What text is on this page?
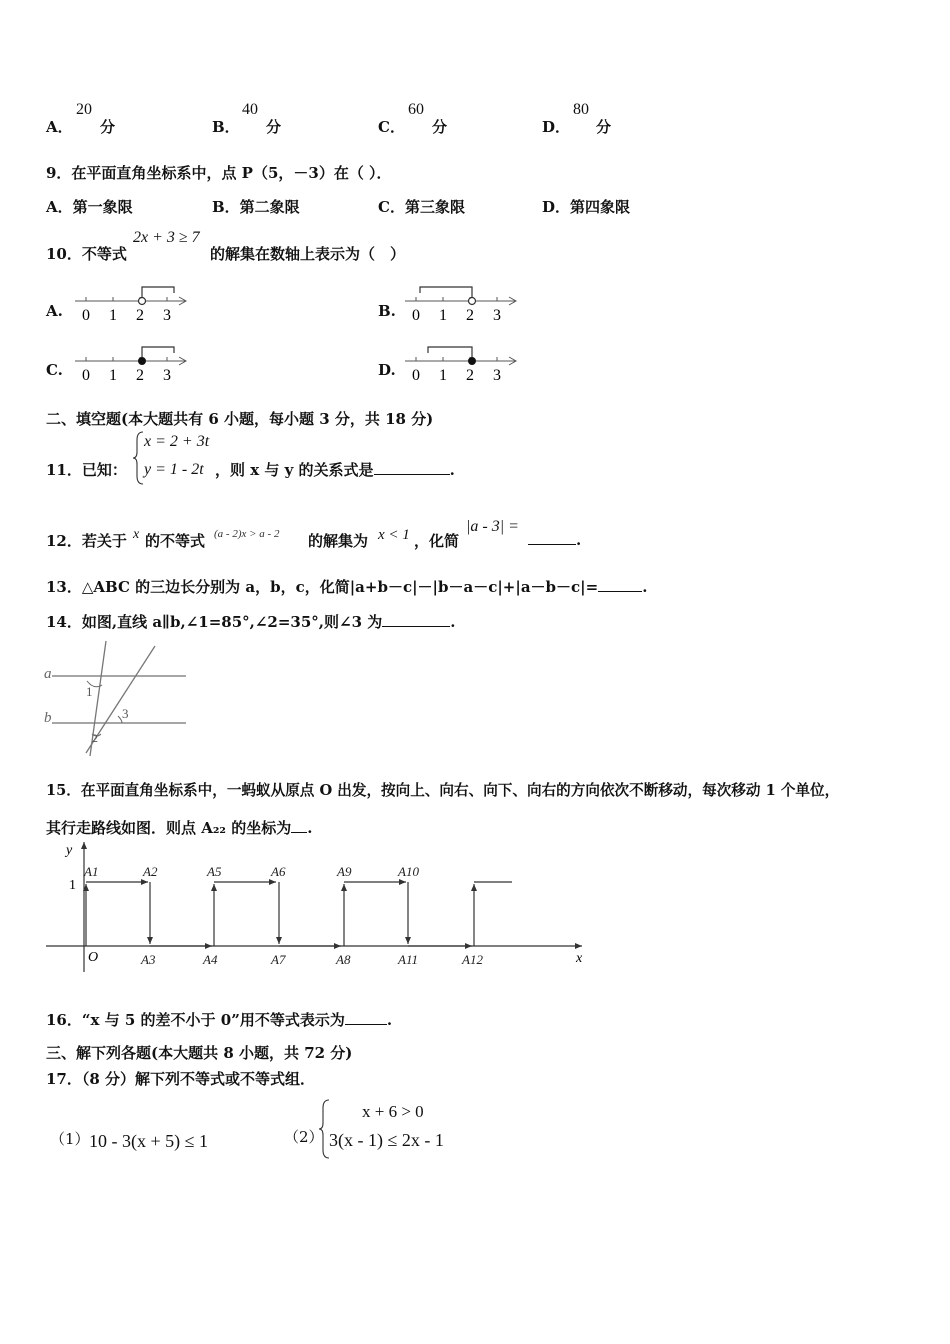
A．
20
分	B．
40
分	C．
60
分	D．
80
分
9．在平面直角坐标系中，点 P（5，－3）在（ ）．
A．第一象限	B．第二象限	C．第三象限	D．第四象限
10．不等式
2x + 3 ≥ 7
的解集在数轴上表示为（　）
A. 0 1 2 3	B. 0 1 2 3
C. 0 1 2 3	D. 0 1 2 3
二、填空题(本大题共有 6 小题，每小题 3 分，共 18 分)
11．已知：
x = 2 + 3t
y = 1 - 2t ，则 x 与 y 的关系式是	.
12．若关于 x 的不等式 (a - 2)x > a - 2 的解集为 x < 1 ，化简
|a - 3| =
.
13．△ABC 的三边长分别为 a，b，c，化简|a+b－c|－|b－a－c|+|a－b－c|=	.
14．如图,直线 a∥b,∠1=85°,∠2=35°,则∠3 为	.
a
b
1
3
2
15．在平面直角坐标系中，一蚂蚁从原点 O 出发，按向上、向右、向下、向右的方向依次不断移动，每次移动 1 个单位，
其行走路线如图．则点 A₂₂ 的坐标为 .
y
x
1
O
A1	A2	A5	A6	A9	A10
A3	A4	A7	A8	A11	A12
16．“x 与 5 的差不小于 0”用不等式表示为	.
三、解下列各题(本大题共 8 小题，共 72 分)
17．（8 分）解下列不等式或不等式组．
（1） 10 - 3(x + 5) ≤ 1	（2）
x + 6 > 0
3(x - 1) ≤ 2x - 1
